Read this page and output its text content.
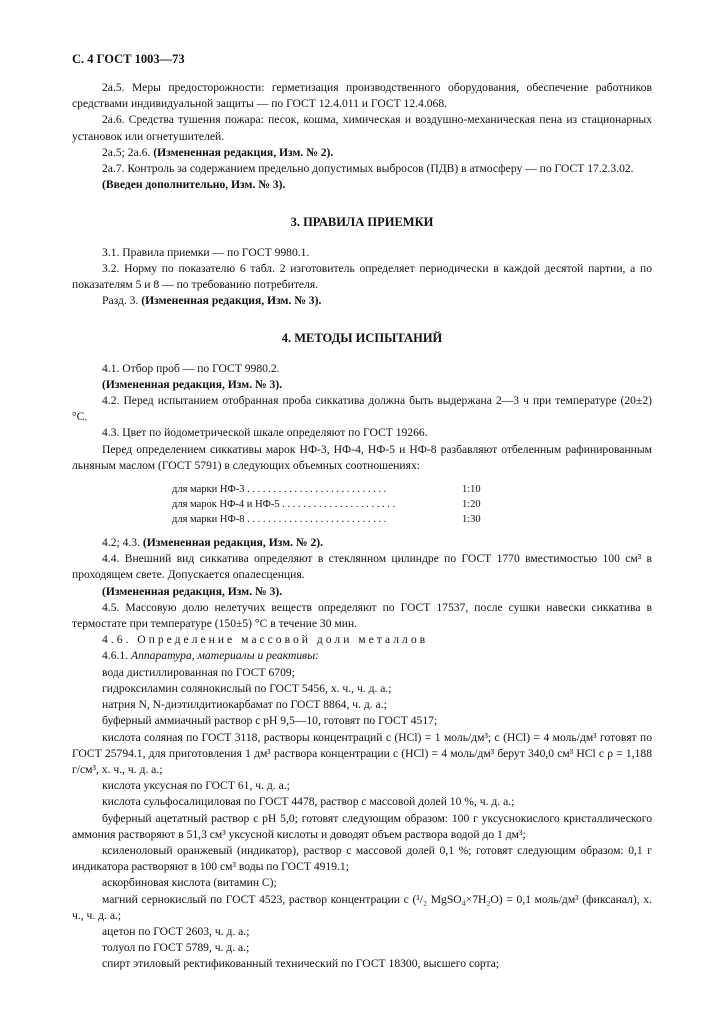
С. 4 ГОСТ 1003—73

2а.5. Меры предосторожности: герметизация производственного оборудования, обеспечение работников средствами индивидуальной защиты — по ГОСТ 12.4.011 и ГОСТ 12.4.068.

2а.6. Средства тушения пожара: песок, кошма, химическая и воздушно-механическая пена из стационарных установок или огнетушителей.

2а.5; 2а.6. (Измененная редакция, Изм. № 2).

2а.7. Контроль за содержанием предельно допустимых выбросов (ПДВ) в атмосферу — по ГОСТ 17.2.3.02.

(Введен дополнительно, Изм. № 3).

3. ПРАВИЛА ПРИЕМКИ

3.1. Правила приемки — по ГОСТ 9980.1.

3.2. Норму по показателю 6 табл. 2 изготовитель определяет периодически в каждой десятой партии, а по показателям 5 и 8 — по требованию потребителя.

Разд. 3. (Измененная редакция, Изм. № 3).

4. МЕТОДЫ ИСПЫТАНИЙ

4.1. Отбор проб — по ГОСТ 9980.2.

(Измененная редакция, Изм. № 3).

4.2. Перед испытанием отобранная проба сиккатива должна быть выдержана 2—3 ч при температуре (20±2) °С.

4.3. Цвет по йодометрической шкале определяют по ГОСТ 19266.

Перед определением сиккативы марок НФ-3, НФ-4, НФ-5 и НФ-8 разбавляют отбеленным рафинированным льняным маслом (ГОСТ 5791) в следующих объемных соотношениях:

для марки НФ-3 . . . . . . . . . . . . . . . . . . . . . . . . . . .	1:10
для марок НФ-4 и НФ-5 . . . . . . . . . . . . . . . . . . . . . .	1:20
для марки НФ-8 . . . . . . . . . . . . . . . . . . . . . . . . . . .	1:30

4.2; 4.3. (Измененная редакция, Изм. № 2).

4.4. Внешний вид сиккатива определяют в стеклянном цилиндре по ГОСТ 1770 вместимостью 100 см³ в проходящем свете. Допускается опалесценция.

(Измененная редакция, Изм. № 3).

4.5. Массовую долю нелетучих веществ определяют по ГОСТ 17537, после сушки навески сиккатива в термостате при температуре (150±5) °С в течение 30 мин.

4.6. Определение массовой доли металлов

4.6.1. Аппаратура, материалы и реактивы:

вода дистиллированная по ГОСТ 6709;

гидроксиламин солянокислый по ГОСТ 5456, х. ч., ч. д. а.;

натрия N, N-диэтилдитиокарбамат по ГОСТ 8864, ч. д. а.;

буферный аммиачный раствор с рН 9,5—10, готовят по ГОСТ 4517;

кислота соляная по ГОСТ 3118, растворы концентраций с (HCl) = 1 моль/дм³; с (HCl) = 4 моль/дм³ готовят по ГОСТ 25794.1, для приготовления 1 дм³ раствора концентрации с (HCl) = 4 моль/дм³ берут 340,0 см³ HCl с ρ = 1,188 г/см³, х. ч., ч. д. а.;

кислота уксусная по ГОСТ 61, ч. д. а.;

кислота сульфосалициловая по ГОСТ 4478, раствор с массовой долей 10 %, ч. д. а.;

буферный ацетатный раствор с рН 5,0; готовят следующим образом: 100 г уксуснокислого кристаллического аммония растворяют в 51,3 см³ уксусной кислоты и доводят объем раствора водой до 1 дм³;

ксиленоловый оранжевый (индикатор), раствор с массовой долей 0,1 %; готовят следующим образом: 0,1 г индикатора растворяют в 100 см³ воды по ГОСТ 4919.1;

аскорбиновая кислота (витамин С);

магний сернокислый по ГОСТ 4523, раствор концентрации с (¹/₂ MgSO₄×7H₂O) = 0,1 моль/дм³ (фиксанал), х. ч., ч. д. а.;

ацетон по ГОСТ 2603, ч. д. а.;

толуол по ГОСТ 5789, ч. д. а.;

спирт этиловый ректификованный технический по ГОСТ 18300, высшего сорта;
